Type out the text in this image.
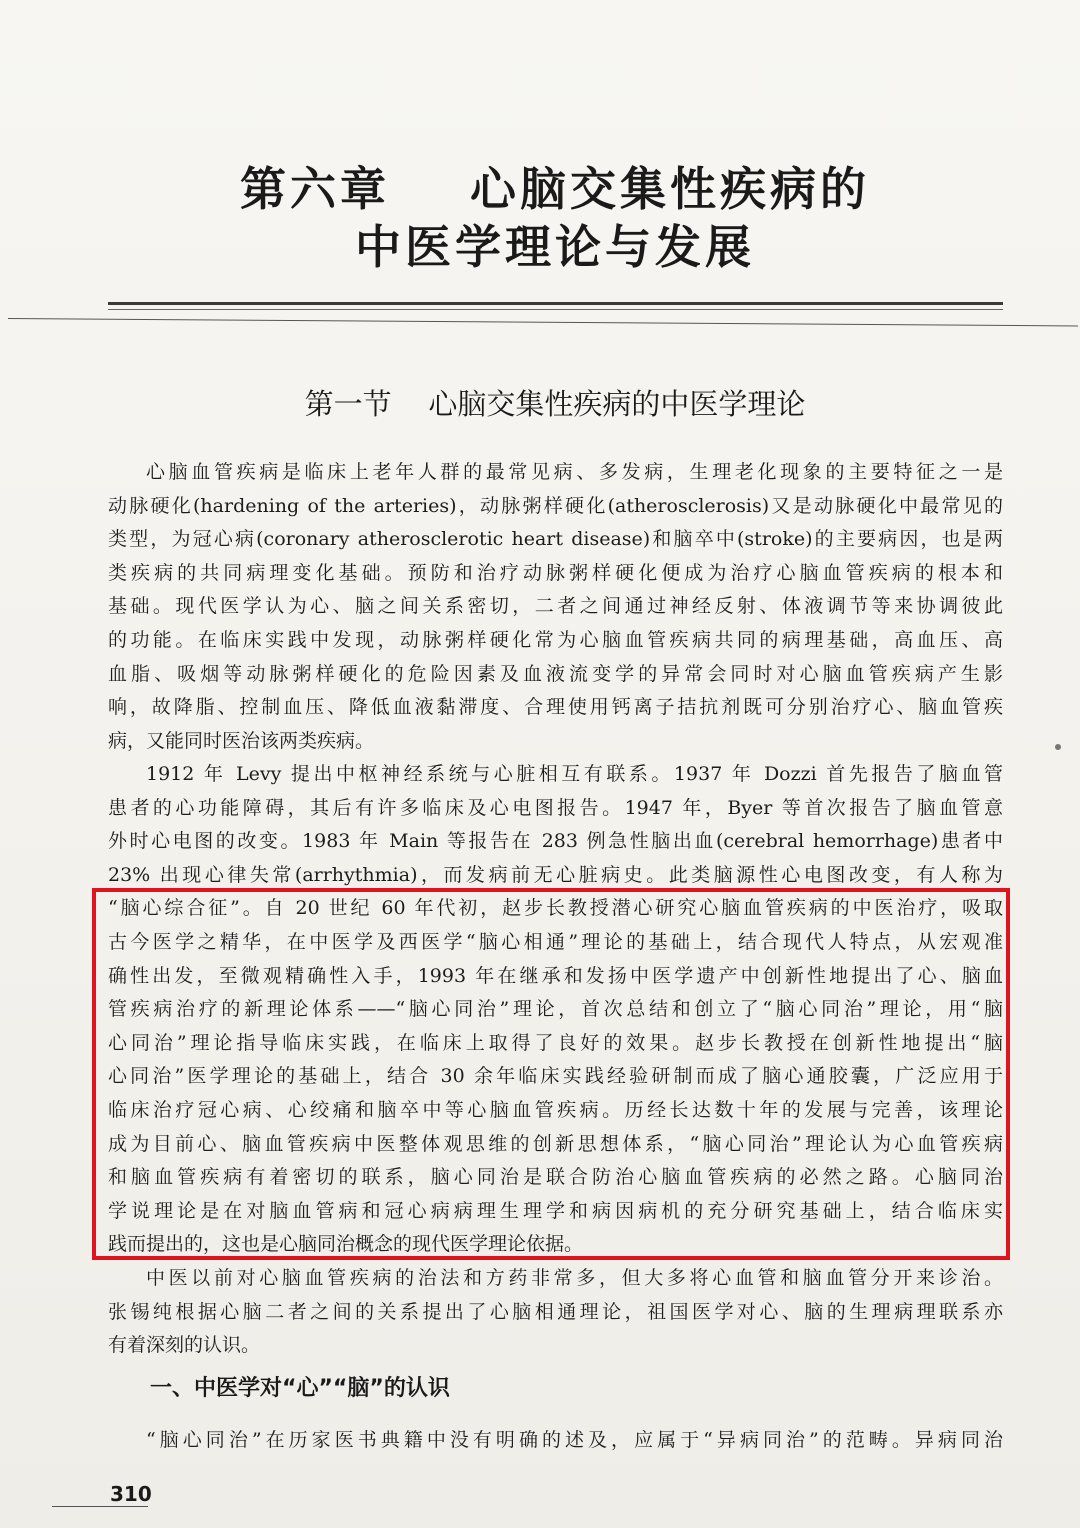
第六章    心脑交集性疾病的
中医学理论与发展
第一节    心脑交集性疾病的中医学理论
心脑血管疾病是临床上老年人群的最常见病、多发病，生理老化现象的主要特征之一是
动脉硬化(hardening of the arteries)，动脉粥样硬化(atherosclerosis)又是动脉硬化中最常见的
类型，为冠心病(coronary atherosclerotic heart disease)和脑卒中(stroke)的主要病因，也是两
类疾病的共同病理变化基础。预防和治疗动脉粥样硬化便成为治疗心脑血管疾病的根本和
基础。现代医学认为心、脑之间关系密切，二者之间通过神经反射、体液调节等来协调彼此
的功能。在临床实践中发现，动脉粥样硬化常为心脑血管疾病共同的病理基础，高血压、高
血脂、吸烟等动脉粥样硬化的危险因素及血液流变学的异常会同时对心脑血管疾病产生影
响，故降脂、控制血压、降低血液黏滞度、合理使用钙离子拮抗剂既可分别治疗心、脑血管疾
病，又能同时医治该两类疾病。
1912 年 Levy 提出中枢神经系统与心脏相互有联系。1937 年 Dozzi 首先报告了脑血管
患者的心功能障碍，其后有许多临床及心电图报告。1947 年，Byer 等首次报告了脑血管意
外时心电图的改变。1983 年 Main 等报告在 283 例急性脑出血(cerebral hemorrhage)患者中
23% 出现心律失常(arrhythmia)，而发病前无心脏病史。此类脑源性心电图改变，有人称为
“脑心综合征”。自 20 世纪 60 年代初，赵步长教授潜心研究心脑血管疾病的中医治疗，吸取
古今医学之精华，在中医学及西医学“脑心相通”理论的基础上，结合现代人特点，从宏观准
确性出发，至微观精确性入手，1993 年在继承和发扬中医学遗产中创新性地提出了心、脑血
管疾病治疗的新理论体系——“脑心同治”理论，首次总结和创立了“脑心同治”理论，用“脑
心同治”理论指导临床实践，在临床上取得了良好的效果。赵步长教授在创新性地提出“脑
心同治”医学理论的基础上，结合 30 余年临床实践经验研制而成了脑心通胶囊，广泛应用于
临床治疗冠心病、心绞痛和脑卒中等心脑血管疾病。历经长达数十年的发展与完善，该理论
成为目前心、脑血管疾病中医整体观思维的创新思想体系，“脑心同治”理论认为心血管疾病
和脑血管疾病有着密切的联系，脑心同治是联合防治心脑血管疾病的必然之路。心脑同治
学说理论是在对脑血管病和冠心病病理生理学和病因病机的充分研究基础上，结合临床实
践而提出的，这也是心脑同治概念的现代医学理论依据。
中医以前对心脑血管疾病的治法和方药非常多，但大多将心血管和脑血管分开来诊治。
张锡纯根据心脑二者之间的关系提出了心脑相通理论，祖国医学对心、脑的生理病理联系亦
有着深刻的认识。
一、中医学对“心”“脑”的认识
“脑心同治”在历家医书典籍中没有明确的述及，应属于“异病同治”的范畴。异病同治
310
